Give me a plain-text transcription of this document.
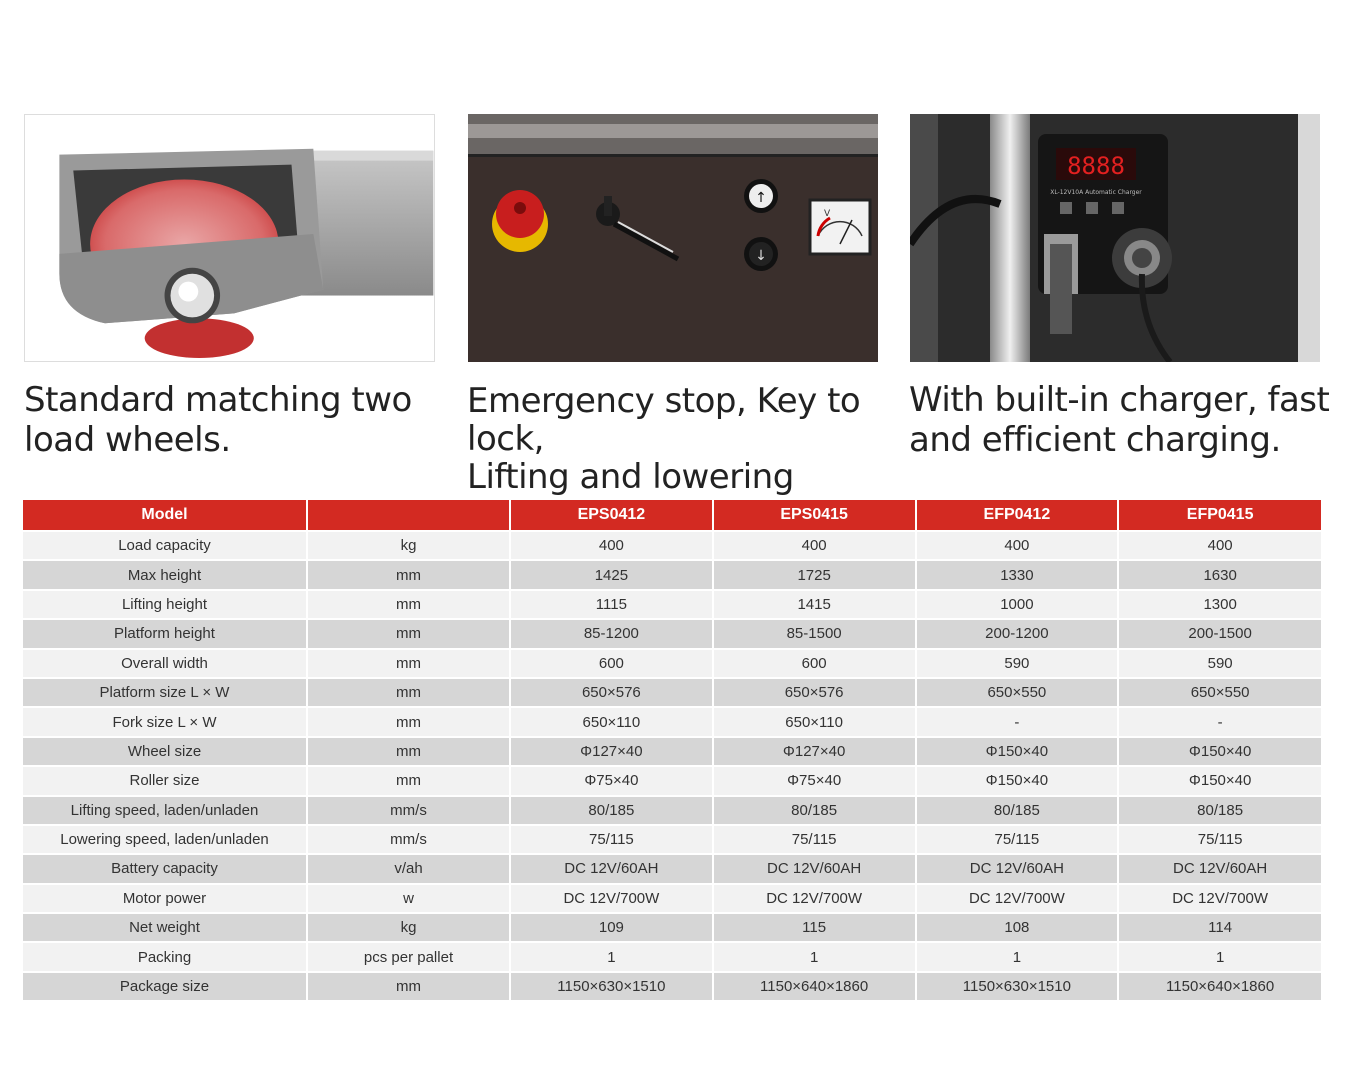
↑
↓
V
8888
XL-12V10A Automatic Charger
Standard matching two
load wheels.
Emergency stop, Key to lock,
Lifting and lowering
With built-in charger, fast
and efficient charging.
Model		EPS0412	EPS0415	EFP0412	EFP0415
Load capacity	kg	400	400	400	400
Max height	mm	1425	1725	1330	1630
Lifting height	mm	1115	1415	1000	1300
Platform height	mm	85-1200	85-1500	200-1200	200-1500
Overall width	mm	600	600	590	590
Platform size L × W	mm	650×576	650×576	650×550	650×550
Fork size L × W	mm	650×110	650×110	-	-
Wheel size	mm	Φ127×40	Φ127×40	Φ150×40	Φ150×40
Roller size	mm	Φ75×40	Φ75×40	Φ150×40	Φ150×40
Lifting speed, laden/unladen	mm/s	80/185	80/185	80/185	80/185
Lowering speed, laden/unladen	mm/s	75/115	75/115	75/115	75/115
Battery capacity	v/ah	DC 12V/60AH	DC 12V/60AH	DC 12V/60AH	DC 12V/60AH
Motor power	w	DC 12V/700W	DC 12V/700W	DC 12V/700W	DC 12V/700W
Net weight	kg	109	115	108	114
Packing	pcs per pallet	1	1	1	1
Package size	mm	1150×630×1510	1150×640×1860	1150×630×1510	1150×640×1860
